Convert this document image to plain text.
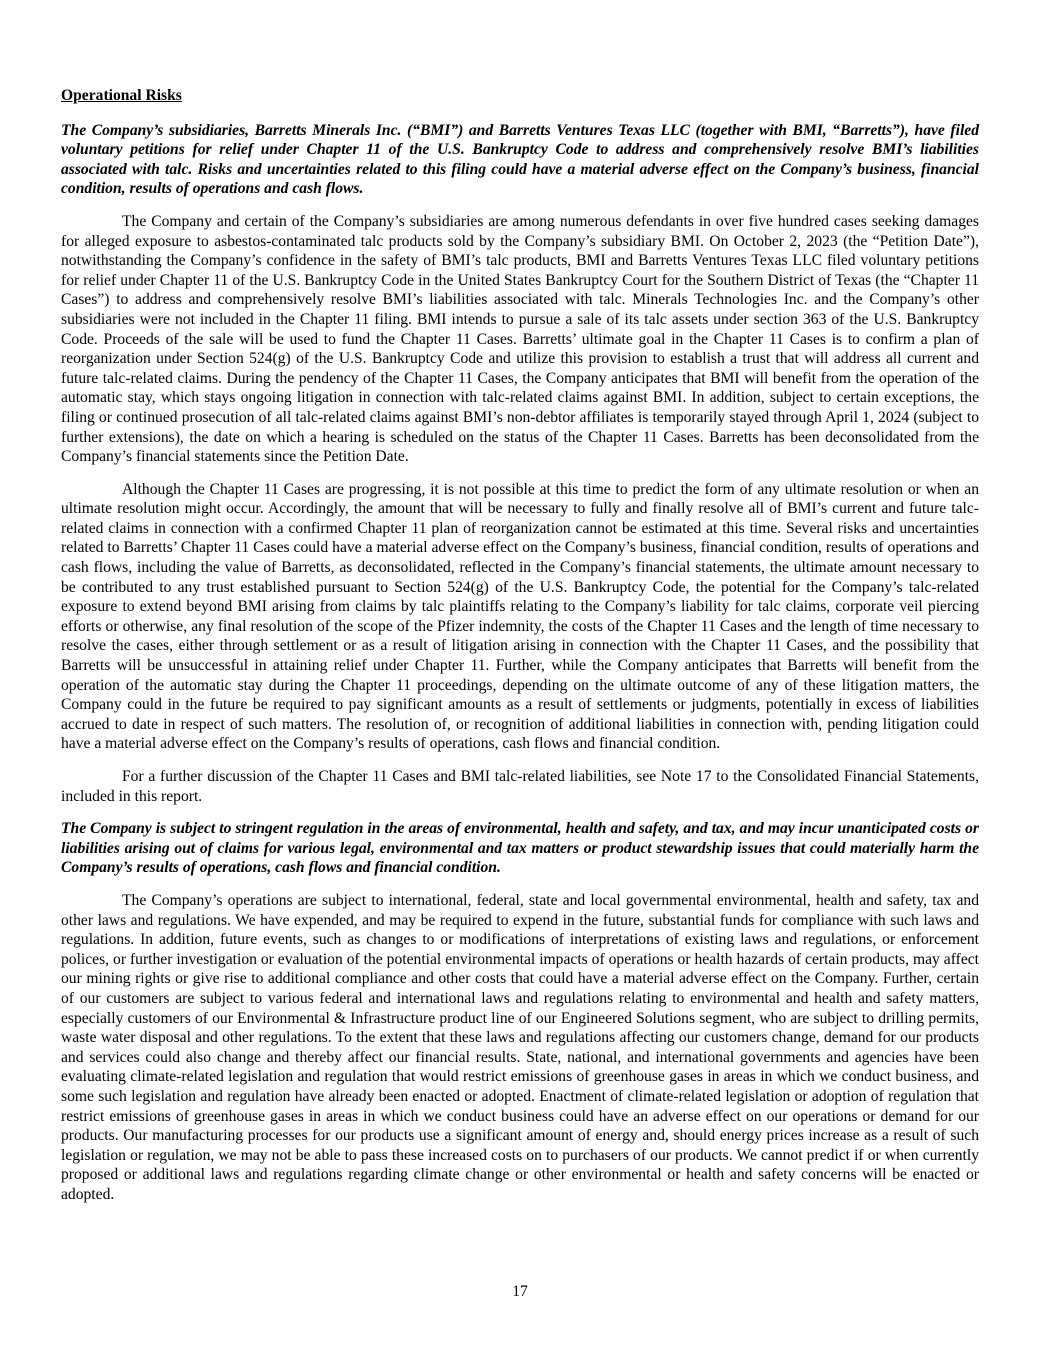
Operational Risks
The Company’s subsidiaries, Barretts Minerals Inc. (“BMI”) and Barretts Ventures Texas LLC (together with BMI, “Barretts”), have filed voluntary petitions for relief under Chapter 11 of the U.S. Bankruptcy Code to address and comprehensively resolve BMI’s liabilities associated with talc. Risks and uncertainties related to this filing could have a material adverse effect on the Company’s business, financial condition, results of operations and cash flows.

The Company and certain of the Company’s subsidiaries are among numerous defendants in over five hundred cases seeking damages for alleged exposure to asbestos-contaminated talc products sold by the Company’s subsidiary BMI. On October 2, 2023 (the “Petition Date”), notwithstanding the Company’s confidence in the safety of BMI’s talc products, BMI and Barretts Ventures Texas LLC filed voluntary petitions for relief under Chapter 11 of the U.S. Bankruptcy Code in the United States Bankruptcy Court for the Southern District of Texas (the “Chapter 11 Cases”) to address and comprehensively resolve BMI’s liabilities associated with talc. Minerals Technologies Inc. and the Company’s other subsidiaries were not included in the Chapter 11 filing. BMI intends to pursue a sale of its talc assets under section 363 of the U.S. Bankruptcy Code. Proceeds of the sale will be used to fund the Chapter 11 Cases. Barretts’ ultimate goal in the Chapter 11 Cases is to confirm a plan of reorganization under Section 524(g) of the U.S. Bankruptcy Code and utilize this provision to establish a trust that will address all current and future talc-related claims. During the pendency of the Chapter 11 Cases, the Company anticipates that BMI will benefit from the operation of the automatic stay, which stays ongoing litigation in connection with talc-related claims against BMI. In addition, subject to certain exceptions, the filing or continued prosecution of all talc-related claims against BMI’s non-debtor affiliates is temporarily stayed through April 1, 2024 (subject to further extensions), the date on which a hearing is scheduled on the status of the Chapter 11 Cases. Barretts has been deconsolidated from the Company’s financial statements since the Petition Date.

Although the Chapter 11 Cases are progressing, it is not possible at this time to predict the form of any ultimate resolution or when an ultimate resolution might occur. Accordingly, the amount that will be necessary to fully and finally resolve all of BMI’s current and future talc-related claims in connection with a confirmed Chapter 11 plan of reorganization cannot be estimated at this time. Several risks and uncertainties related to Barretts’ Chapter 11 Cases could have a material adverse effect on the Company’s business, financial condition, results of operations and cash flows, including the value of Barretts, as deconsolidated, reflected in the Company’s financial statements, the ultimate amount necessary to be contributed to any trust established pursuant to Section 524(g) of the U.S. Bankruptcy Code, the potential for the Company’s talc-related exposure to extend beyond BMI arising from claims by talc plaintiffs relating to the Company’s liability for talc claims, corporate veil piercing efforts or otherwise, any final resolution of the scope of the Pfizer indemnity, the costs of the Chapter 11 Cases and the length of time necessary to resolve the cases, either through settlement or as a result of litigation arising in connection with the Chapter 11 Cases, and the possibility that Barretts will be unsuccessful in attaining relief under Chapter 11. Further, while the Company anticipates that Barretts will benefit from the operation of the automatic stay during the Chapter 11 proceedings, depending on the ultimate outcome of any of these litigation matters, the Company could in the future be required to pay significant amounts as a result of settlements or judgments, potentially in excess of liabilities accrued to date in respect of such matters. The resolution of, or recognition of additional liabilities in connection with, pending litigation could have a material adverse effect on the Company’s results of operations, cash flows and financial condition.

For a further discussion of the Chapter 11 Cases and BMI talc-related liabilities, see Note 17 to the Consolidated Financial Statements, included in this report.

The Company is subject to stringent regulation in the areas of environmental, health and safety, and tax, and may incur unanticipated costs or liabilities arising out of claims for various legal, environmental and tax matters or product stewardship issues that could materially harm the Company’s results of operations, cash flows and financial condition.

The Company’s operations are subject to international, federal, state and local governmental environmental, health and safety, tax and other laws and regulations. We have expended, and may be required to expend in the future, substantial funds for compliance with such laws and regulations. In addition, future events, such as changes to or modifications of interpretations of existing laws and regulations, or enforcement polices, or further investigation or evaluation of the potential environmental impacts of operations or health hazards of certain products, may affect our mining rights or give rise to additional compliance and other costs that could have a material adverse effect on the Company. Further, certain of our customers are subject to various federal and international laws and regulations relating to environmental and health and safety matters, especially customers of our Environmental & Infrastructure product line of our Engineered Solutions segment, who are subject to drilling permits, waste water disposal and other regulations. To the extent that these laws and regulations affecting our customers change, demand for our products and services could also change and thereby affect our financial results. State, national, and international governments and agencies have been evaluating climate-related legislation and regulation that would restrict emissions of greenhouse gases in areas in which we conduct business, and some such legislation and regulation have already been enacted or adopted. Enactment of climate-related legislation or adoption of regulation that restrict emissions of greenhouse gases in areas in which we conduct business could have an adverse effect on our operations or demand for our products. Our manufacturing processes for our products use a significant amount of energy and, should energy prices increase as a result of such legislation or regulation, we may not be able to pass these increased costs on to purchasers of our products. We cannot predict if or when currently proposed or additional laws and regulations regarding climate change or other environmental or health and safety concerns will be enacted or adopted.

17
